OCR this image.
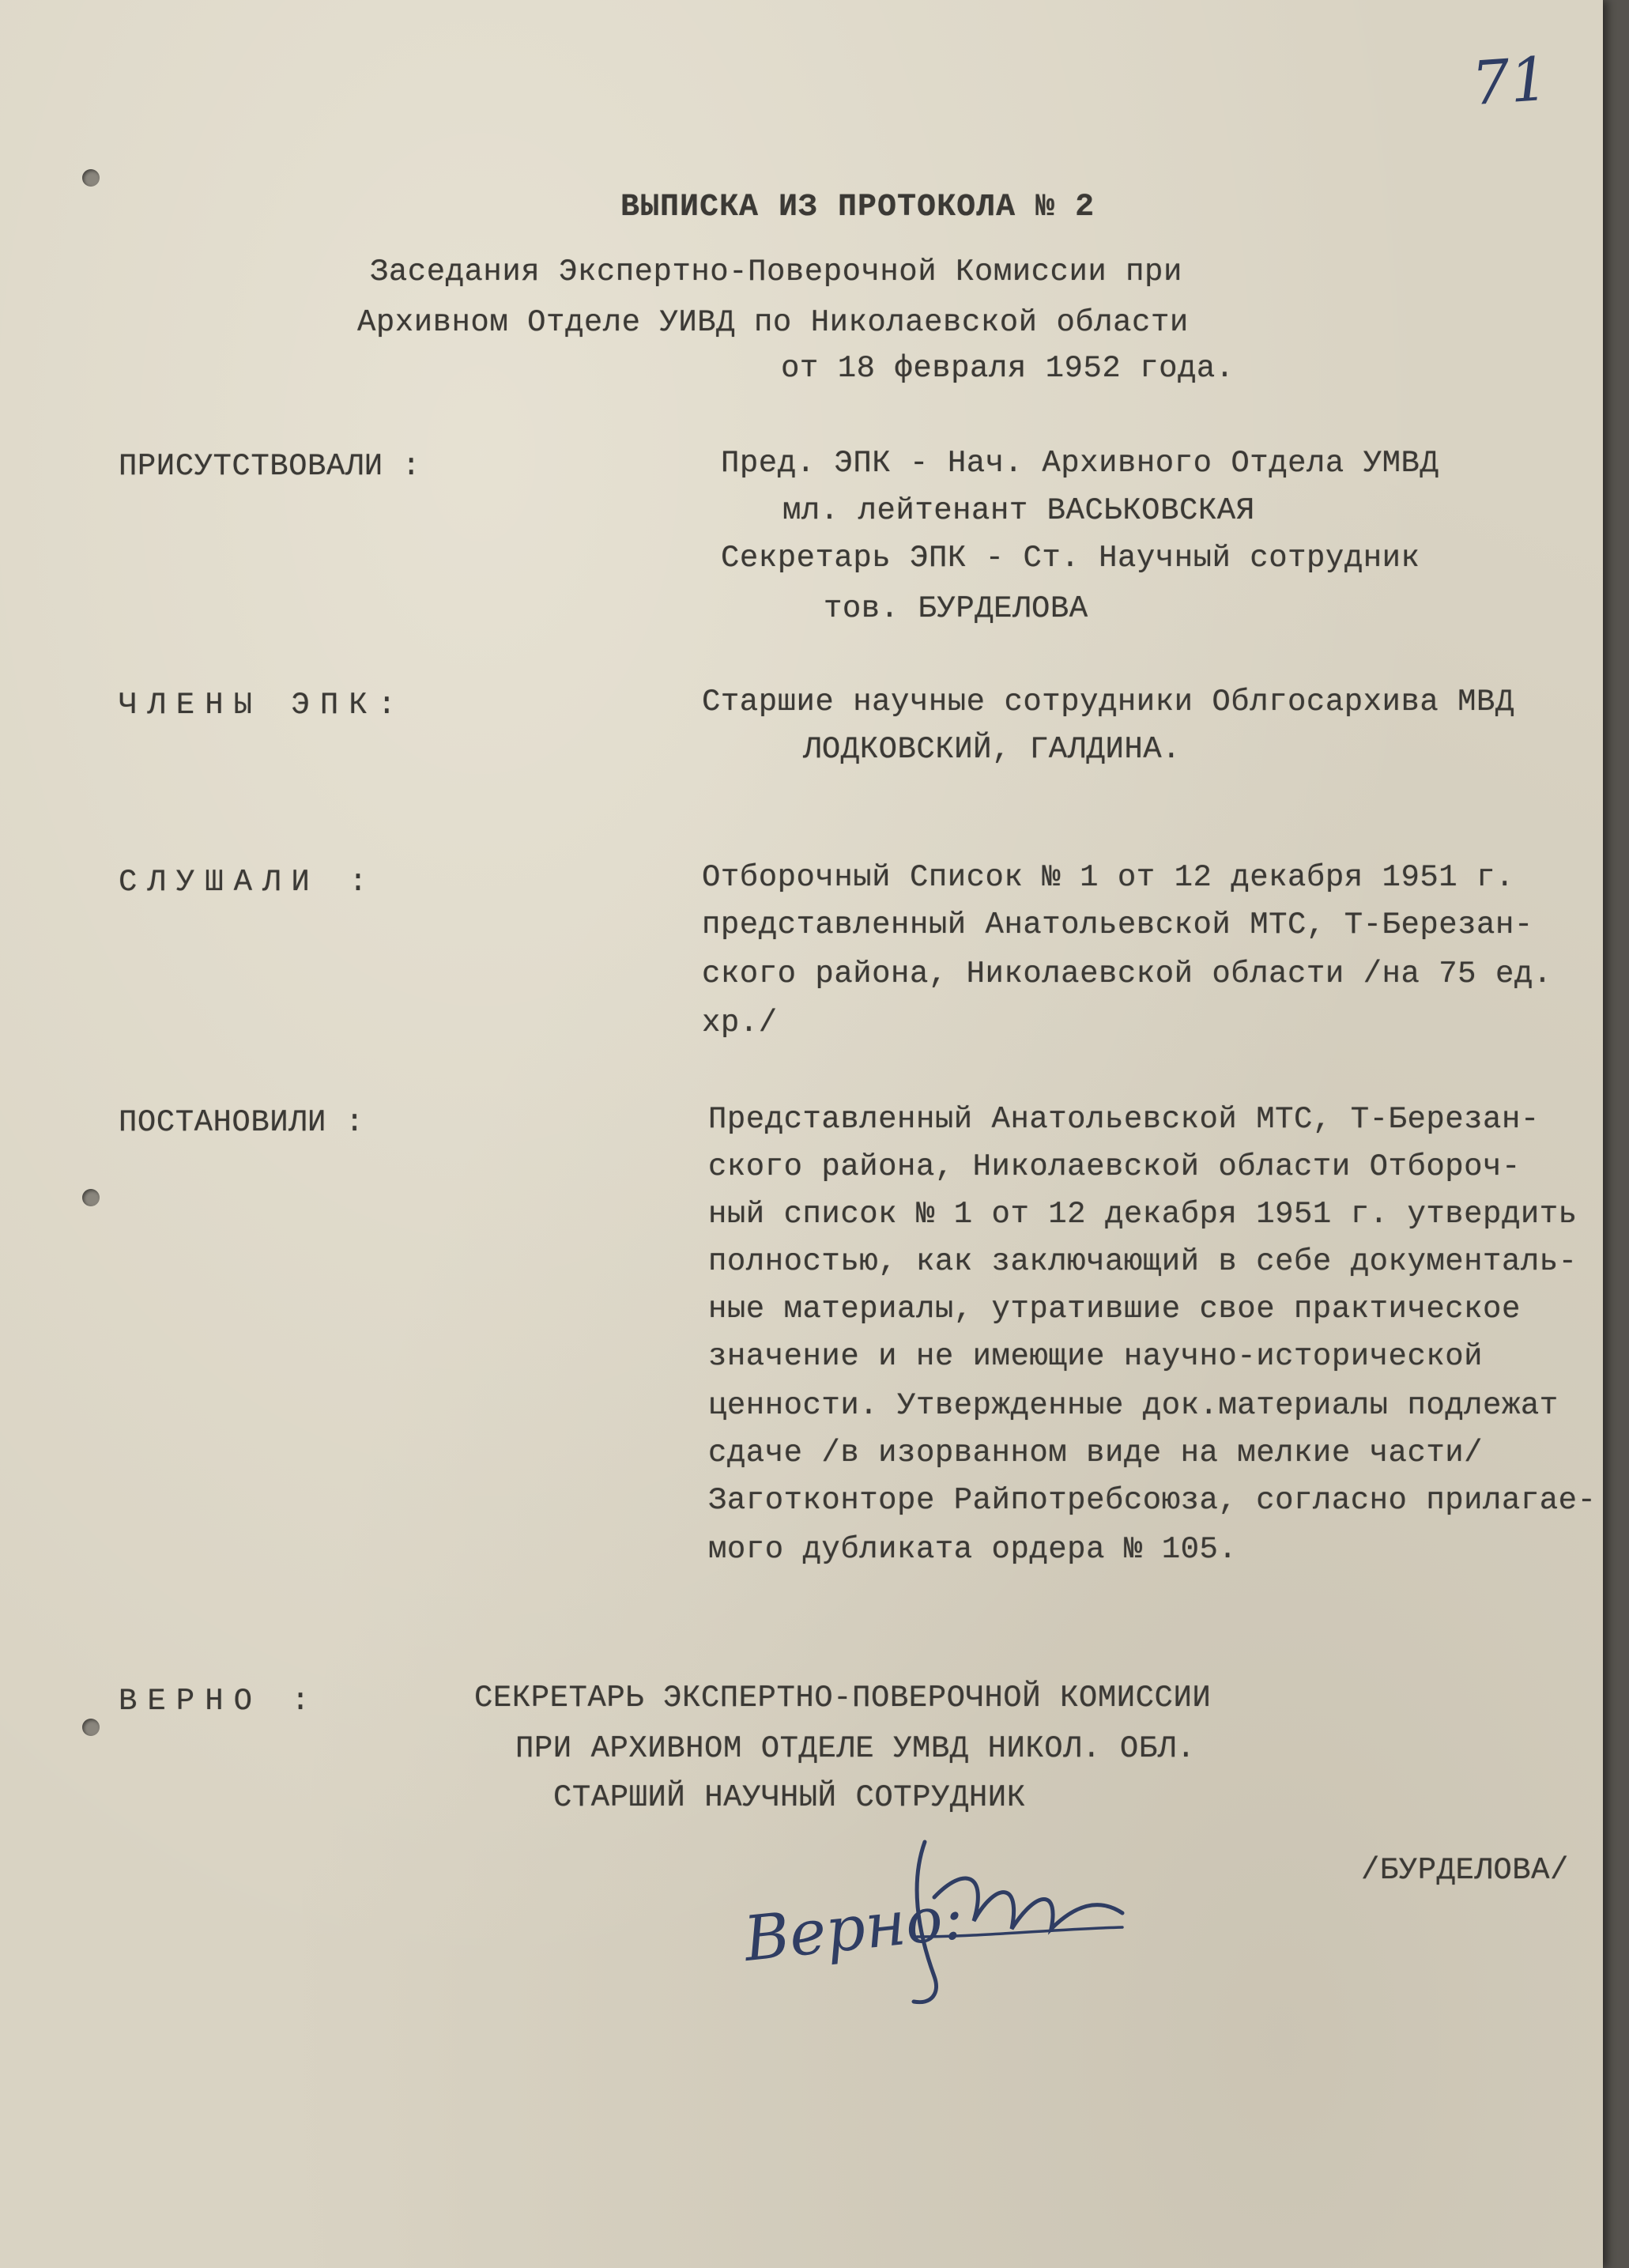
71
ВЫПИСКА ИЗ ПРОТОКОЛА № 2
Заседания Экспертно-Поверочной Комиссии при
Архивном Отделе УИВД по Николаевской области
от 18 февраля 1952 года.
ПРИСУТСТВОВАЛИ :	Пред. ЭПК - Нач. Архивного Отдела УМВД
мл. лейтенант ВАСЬКОВСКАЯ
Секретарь ЭПК - Ст. Научный сотрудник
тов. БУРДЕЛОВА
ЧЛЕНЫ ЭПК:	Старшие научные сотрудники Облгосархива МВД
ЛОДКОВСКИЙ, ГАЛДИНА.
СЛУШАЛИ :	Отборочный Список № 1 от 12 декабря 1951 г.
представленный Анатольевской МТС, Т-Березан-
ского района, Николаевской области /на 75 ед.
хр./
ПОСТАНОВИЛИ :	Представленный Анатольевской МТС, Т-Березан-
ского района, Николаевской области Отбороч-
ный список № 1 от 12 декабря 1951 г. утвердить
полностью, как заключающий в себе документаль-
ные материалы, утратившие свое практическое
значение и не имеющие научно-исторической
ценности. Утвержденные док.материалы подлежат
сдаче /в изорванном виде на мелкие части/
Заготконторе Райпотребсоюза, согласно прилагае-
мого дубликата ордера № 105.
ВЕРНО :	СЕКРЕТАРЬ ЭКСПЕРТНО-ПОВЕРОЧНОЙ КОМИССИИ
ПРИ АРХИВНОМ ОТДЕЛЕ УМВД НИКОЛ. ОБЛ.
СТАРШИЙ НАУЧНЫЙ СОТРУДНИК
/БУРДЕЛОВА/
Верно:
